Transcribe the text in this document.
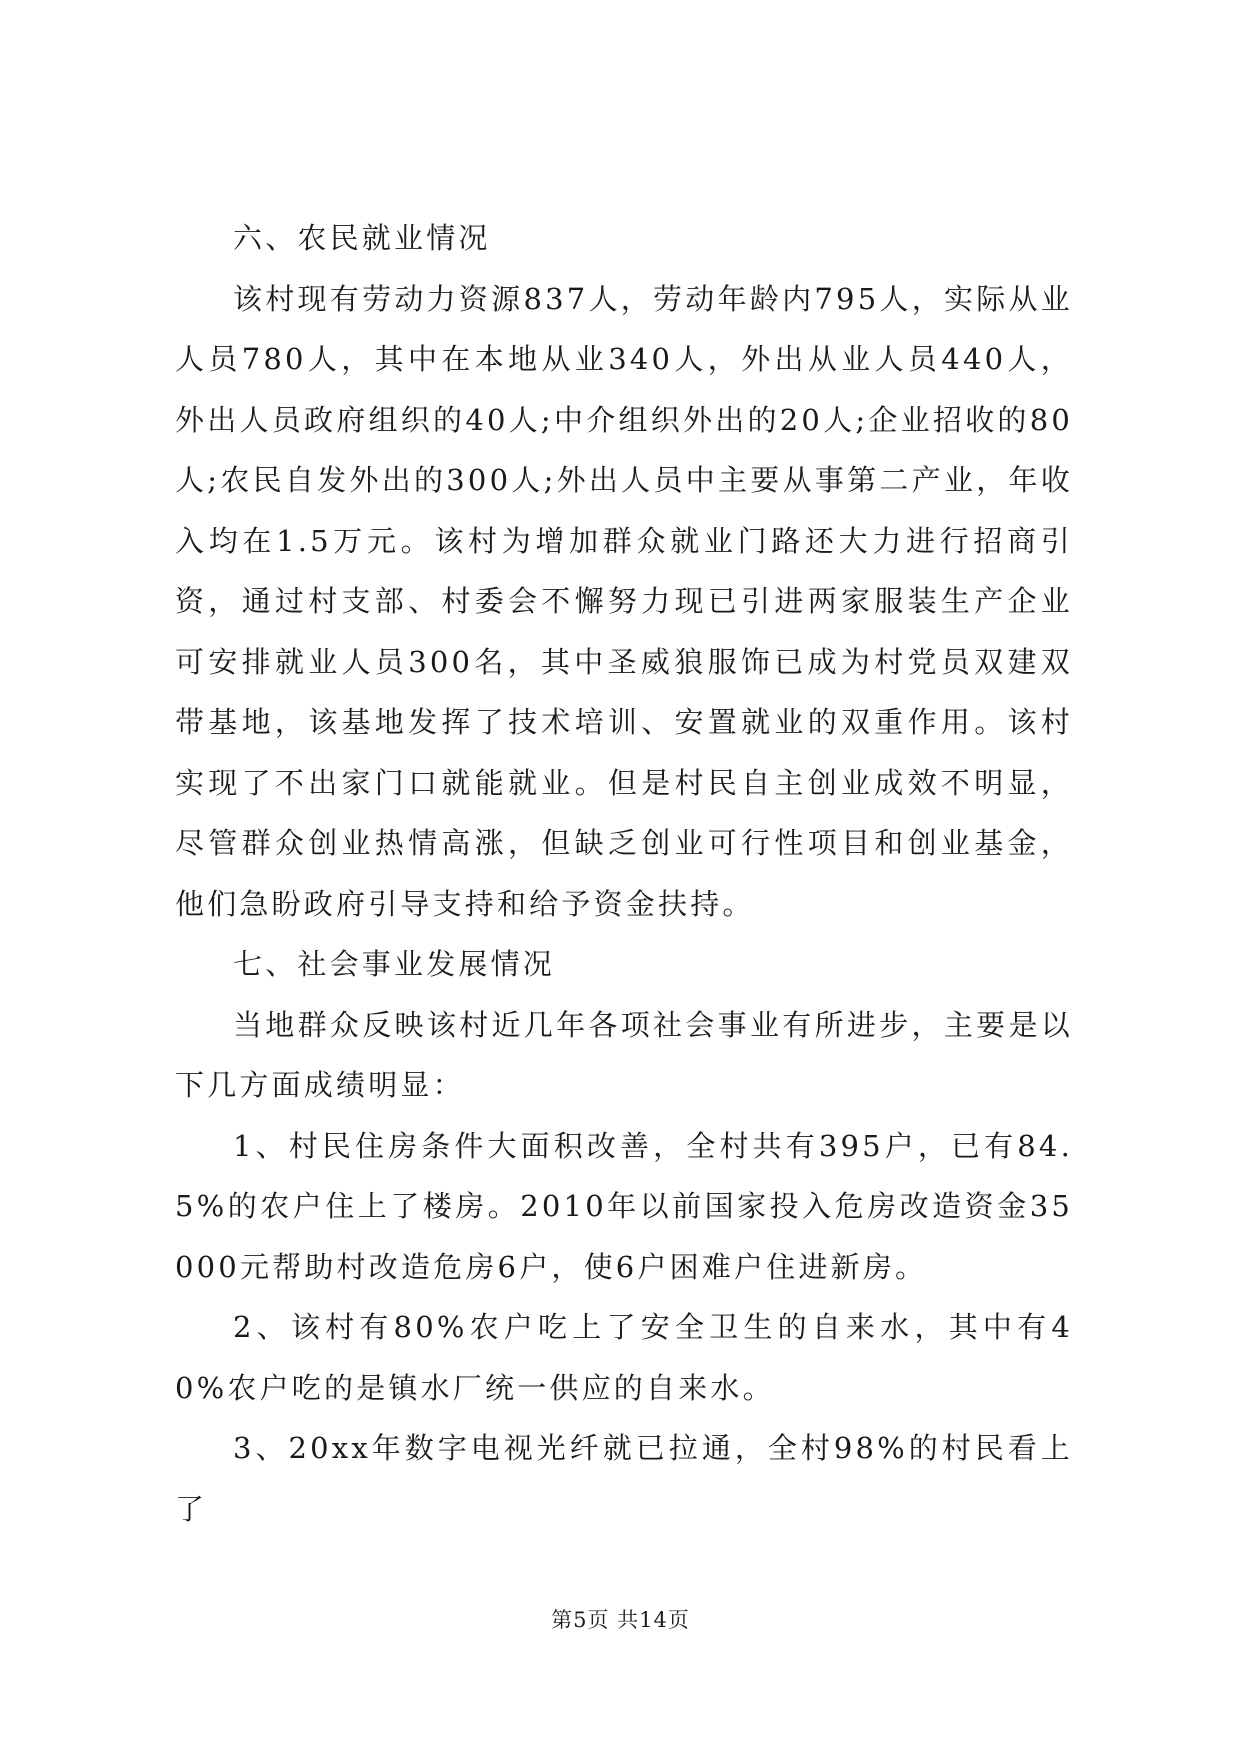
六、农民就业情况

该村现有劳动力资源837人，劳动年龄内795人，实际从业人员780人，其中在本地从业340人，外出从业人员440人，外出人员政府组织的40人;中介组织外出的20人;企业招收的80人;农民自发外出的300人;外出人员中主要从事第二产业，年收入均在1.5万元。该村为增加群众就业门路还大力进行招商引资，通过村支部、村委会不懈努力现已引进两家服装生产企业可安排就业人员300名，其中圣威狼服饰已成为村党员双建双带基地，该基地发挥了技术培训、安置就业的双重作用。该村实现了不出家门口就能就业。但是村民自主创业成效不明显，尽管群众创业热情高涨，但缺乏创业可行性项目和创业基金，他们急盼政府引导支持和给予资金扶持。

七、社会事业发展情况

当地群众反映该村近几年各项社会事业有所进步，主要是以下几方面成绩明显：

1、村民住房条件大面积改善，全村共有395户，已有84.5%的农户住上了楼房。2010年以前国家投入危房改造资金35000元帮助村改造危房6户，使6户困难户住进新房。

2、该村有80%农户吃上了安全卫生的自来水，其中有40%农户吃的是镇水厂统一供应的自来水。

3、20xx年数字电视光纤就已拉通，全村98%的村民看上了

第5页 共14页
